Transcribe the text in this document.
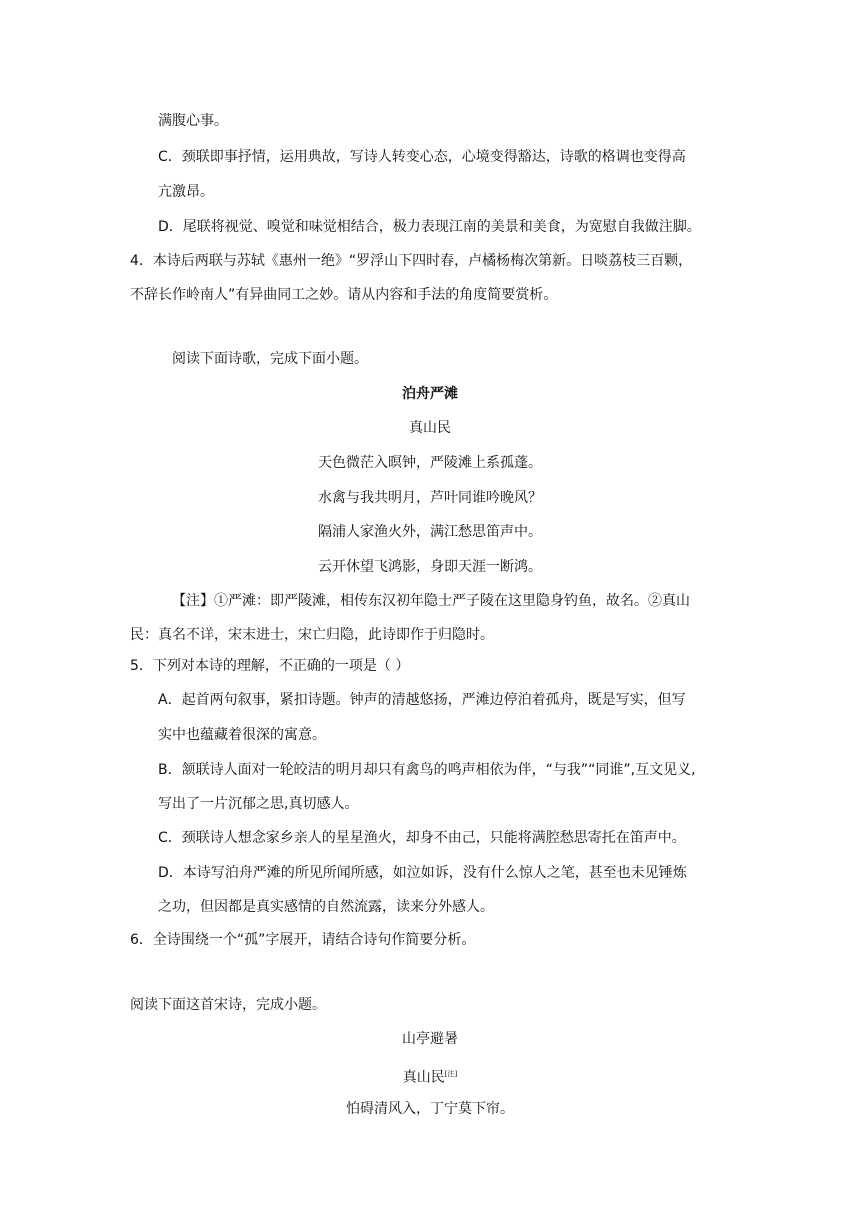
满腹心事。
C．颈联即事抒情，运用典故，写诗人转变心态，心境变得豁达，诗歌的格调也变得高
亢激昂。
D．尾联将视觉、嗅觉和味觉相结合，极力表现江南的美景和美食，为宽慰自我做注脚。
4．本诗后两联与苏轼《惠州一绝》“罗浮山下四时春，卢橘杨梅次第新。日啖荔枝三百颗，
不辞长作岭南人”有异曲同工之妙。请从内容和手法的角度简要赏析。
阅读下面诗歌，完成下面小题。
泊舟严滩
真山民
天色微茫入暝钟，严陵滩上系孤蓬。
水禽与我共明月，芦叶同谁吟晚风？
隔浦人家渔火外，满江愁思笛声中。
云开休望飞鸿影，身即天涯一断鸿。
【注】①严滩：即严陵滩，相传东汉初年隐士严子陵在这里隐身钓鱼，故名。②真山
民：真名不详，宋末进士，宋亡归隐，此诗即作于归隐时。
5．下列对本诗的理解，不正确的一项是（ ）
A．起首两句叙事，紧扣诗题。钟声的清越悠扬，严滩边停泊着孤舟，既是写实，但写
实中也蕴藏着很深的寓意。
B．颔联诗人面对一轮皎洁的明月却只有禽鸟的鸣声相依为伴，“与我”“同谁”,互文见义,
写出了一片沉郁之思,真切感人。
C．颈联诗人想念家乡亲人的星星渔火，却身不由己，只能将满腔愁思寄托在笛声中。
D．本诗写泊舟严滩的所见所闻所感，如泣如诉，没有什么惊人之笔，甚至也未见锤炼
之功，但因都是真实感情的自然流露，读来分外感人。
6．全诗围绕一个“孤”字展开，请结合诗句作简要分析。
阅读下面这首宋诗，完成小题。
山亭避暑
真山民[注]
怕碍清风入，丁宁莫下帘。
